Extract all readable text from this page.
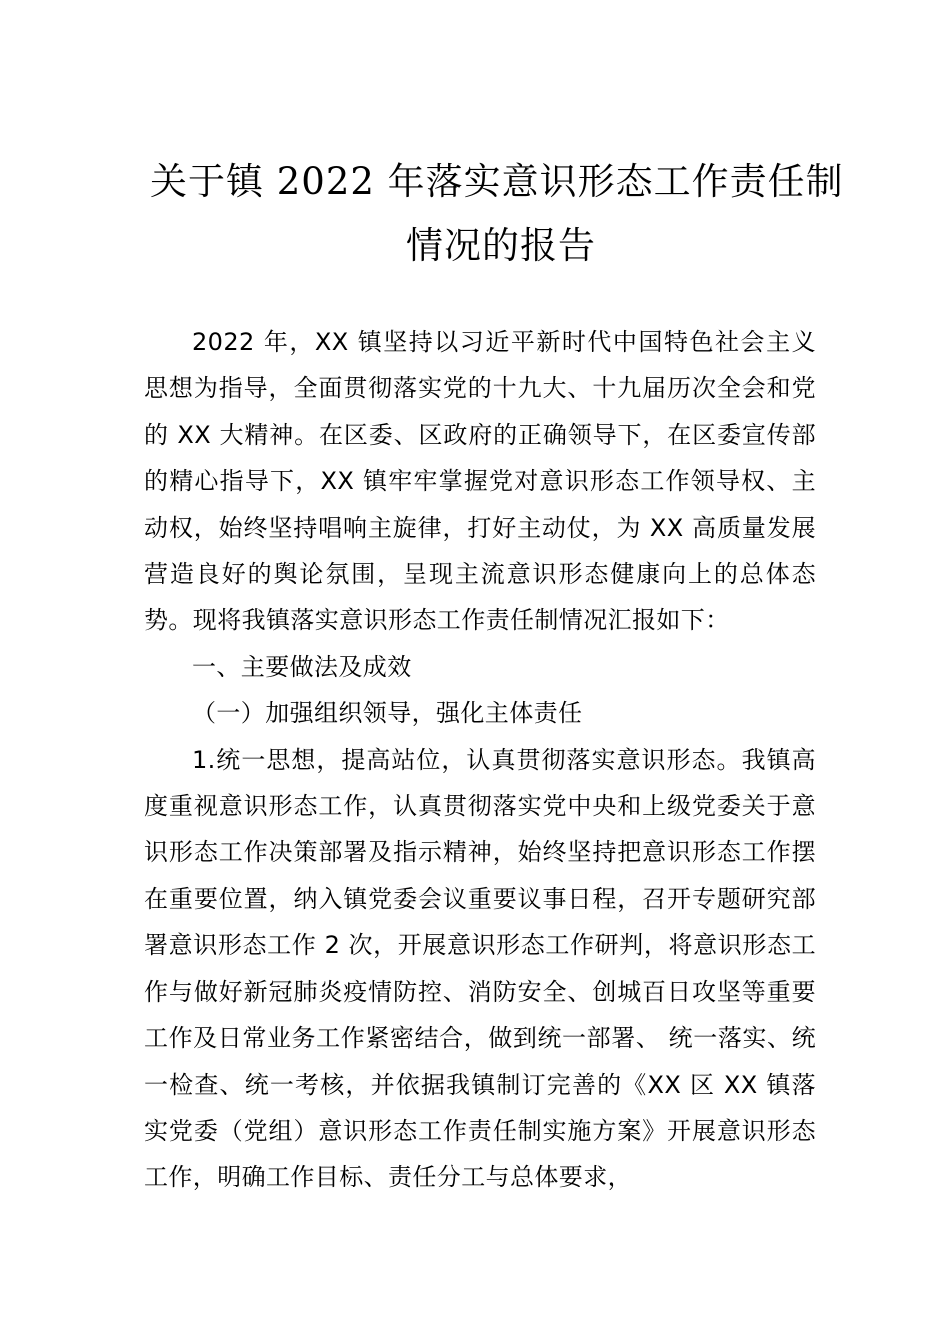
关于镇 2022 年落实意识形态工作责任制
情况的报告

2022 年，XX 镇坚持以习近平新时代中国特色社会主义思想为指导，全面贯彻落实党的十九大、十九届历次全会和党的 XX 大精神。在区委、区政府的正确领导下，在区委宣传部的精心指导下，XX 镇牢牢掌握党对意识形态工作领导权、主动权，始终坚持唱响主旋律，打好主动仗，为 XX 高质量发展营造良好的舆论氛围，呈现主流意识形态健康向上的总体态势。现将我镇落实意识形态工作责任制情况汇报如下：

一、主要做法及成效

（一）加强组织领导，强化主体责任

1.统一思想，提高站位，认真贯彻落实意识形态。我镇高度重视意识形态工作，认真贯彻落实党中央和上级党委关于意识形态工作决策部署及指示精神，始终坚持把意识形态工作摆在重要位置，纳入镇党委会议重要议事日程，召开专题研究部署意识形态工作 2 次，开展意识形态工作研判，将意识形态工作与做好新冠肺炎疫情防控、消防安全、创城百日攻坚等重要工作及日常业务工作紧密结合，做到统一部署、 统一落实、统一检查、统一考核，并依据我镇制订完善的《XX 区 XX 镇落实党委（党组）意识形态工作责任制实施方案》开展意识形态工作，明确工作目标、责任分工与总体要求，
